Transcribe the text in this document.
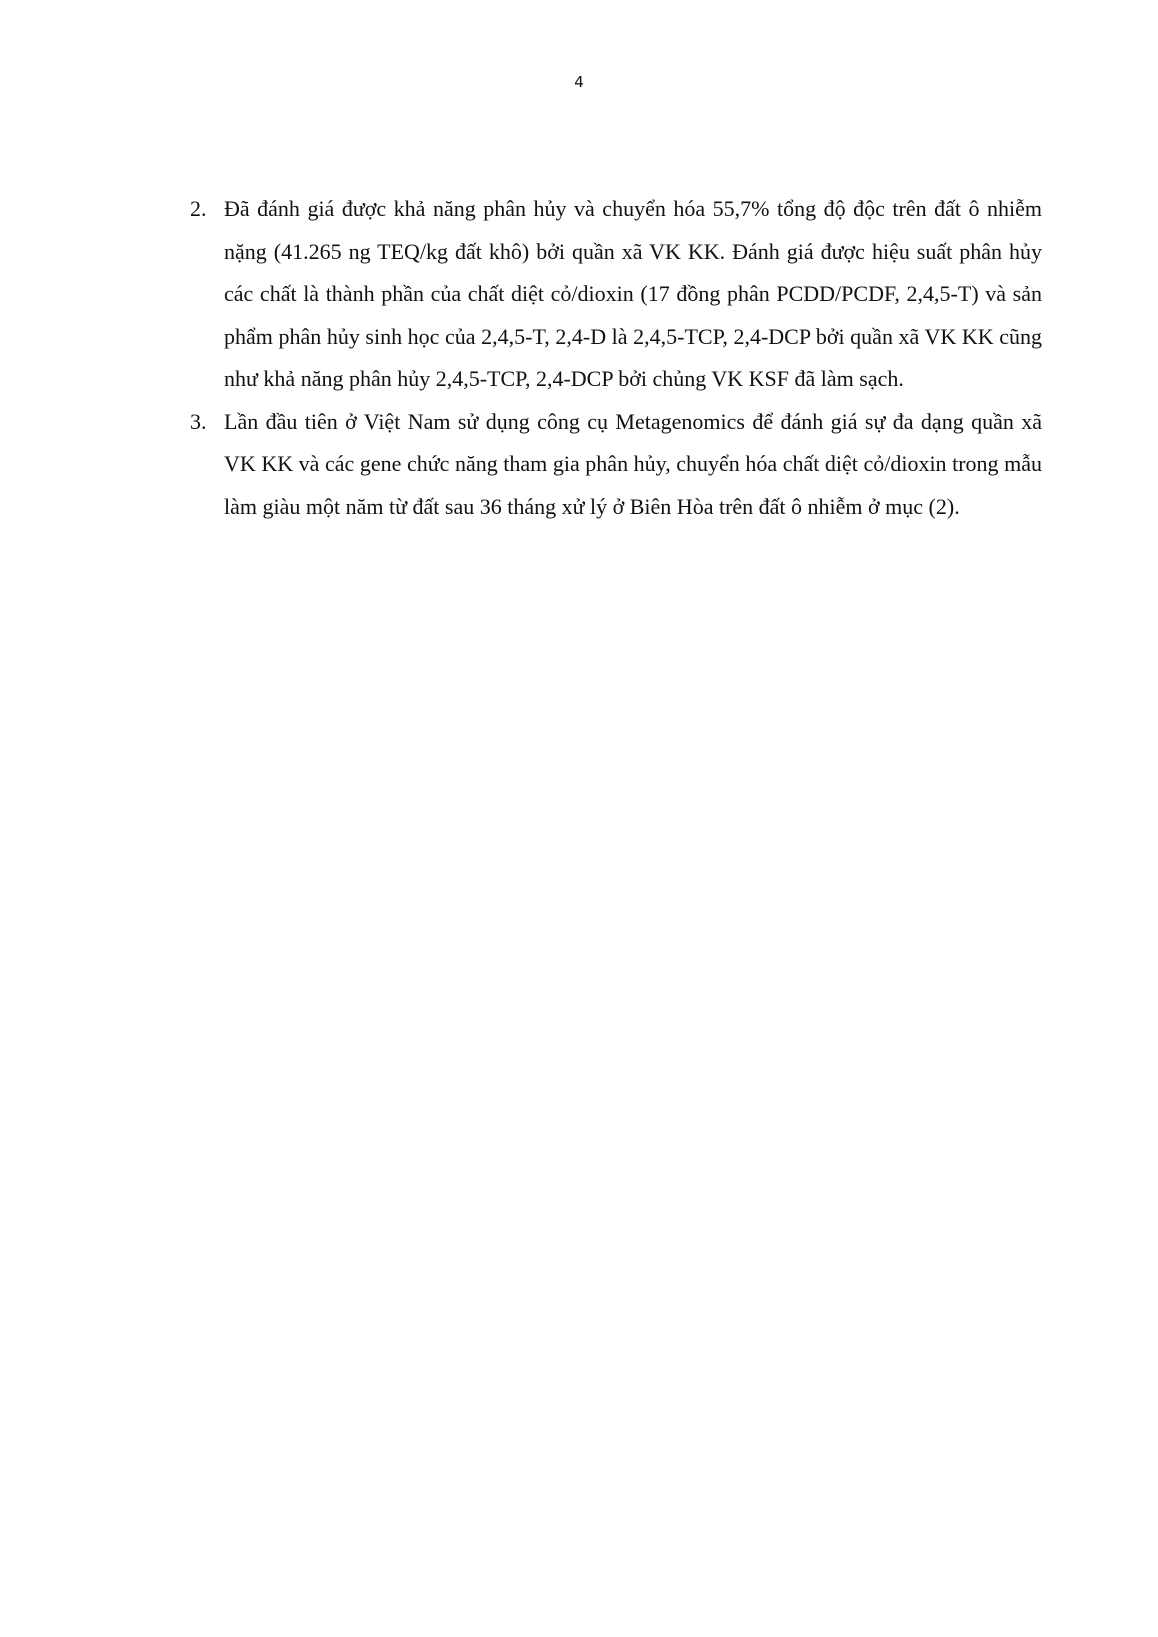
4
2. Đã đánh giá được khả năng phân hủy và chuyển hóa 55,7% tổng độ độc trên đất ô nhiễm nặng (41.265 ng TEQ/kg đất khô) bởi quần xã VK KK. Đánh giá được hiệu suất phân hủy các chất là thành phần của chất diệt cỏ/dioxin (17 đồng phân PCDD/PCDF, 2,4,5-T) và sản phẩm phân hủy sinh học của 2,4,5-T, 2,4-D là 2,4,5-TCP, 2,4-DCP bởi quần xã VK KK cũng như khả năng phân hủy 2,4,5-TCP, 2,4-DCP bởi chủng VK KSF đã làm sạch.
3. Lần đầu tiên ở Việt Nam sử dụng công cụ Metagenomics để đánh giá sự đa dạng quần xã VK KK và các gene chức năng tham gia phân hủy, chuyển hóa chất diệt cỏ/dioxin trong mẫu làm giàu một năm từ đất sau 36 tháng xử lý ở Biên Hòa trên đất ô nhiễm ở mục (2).
